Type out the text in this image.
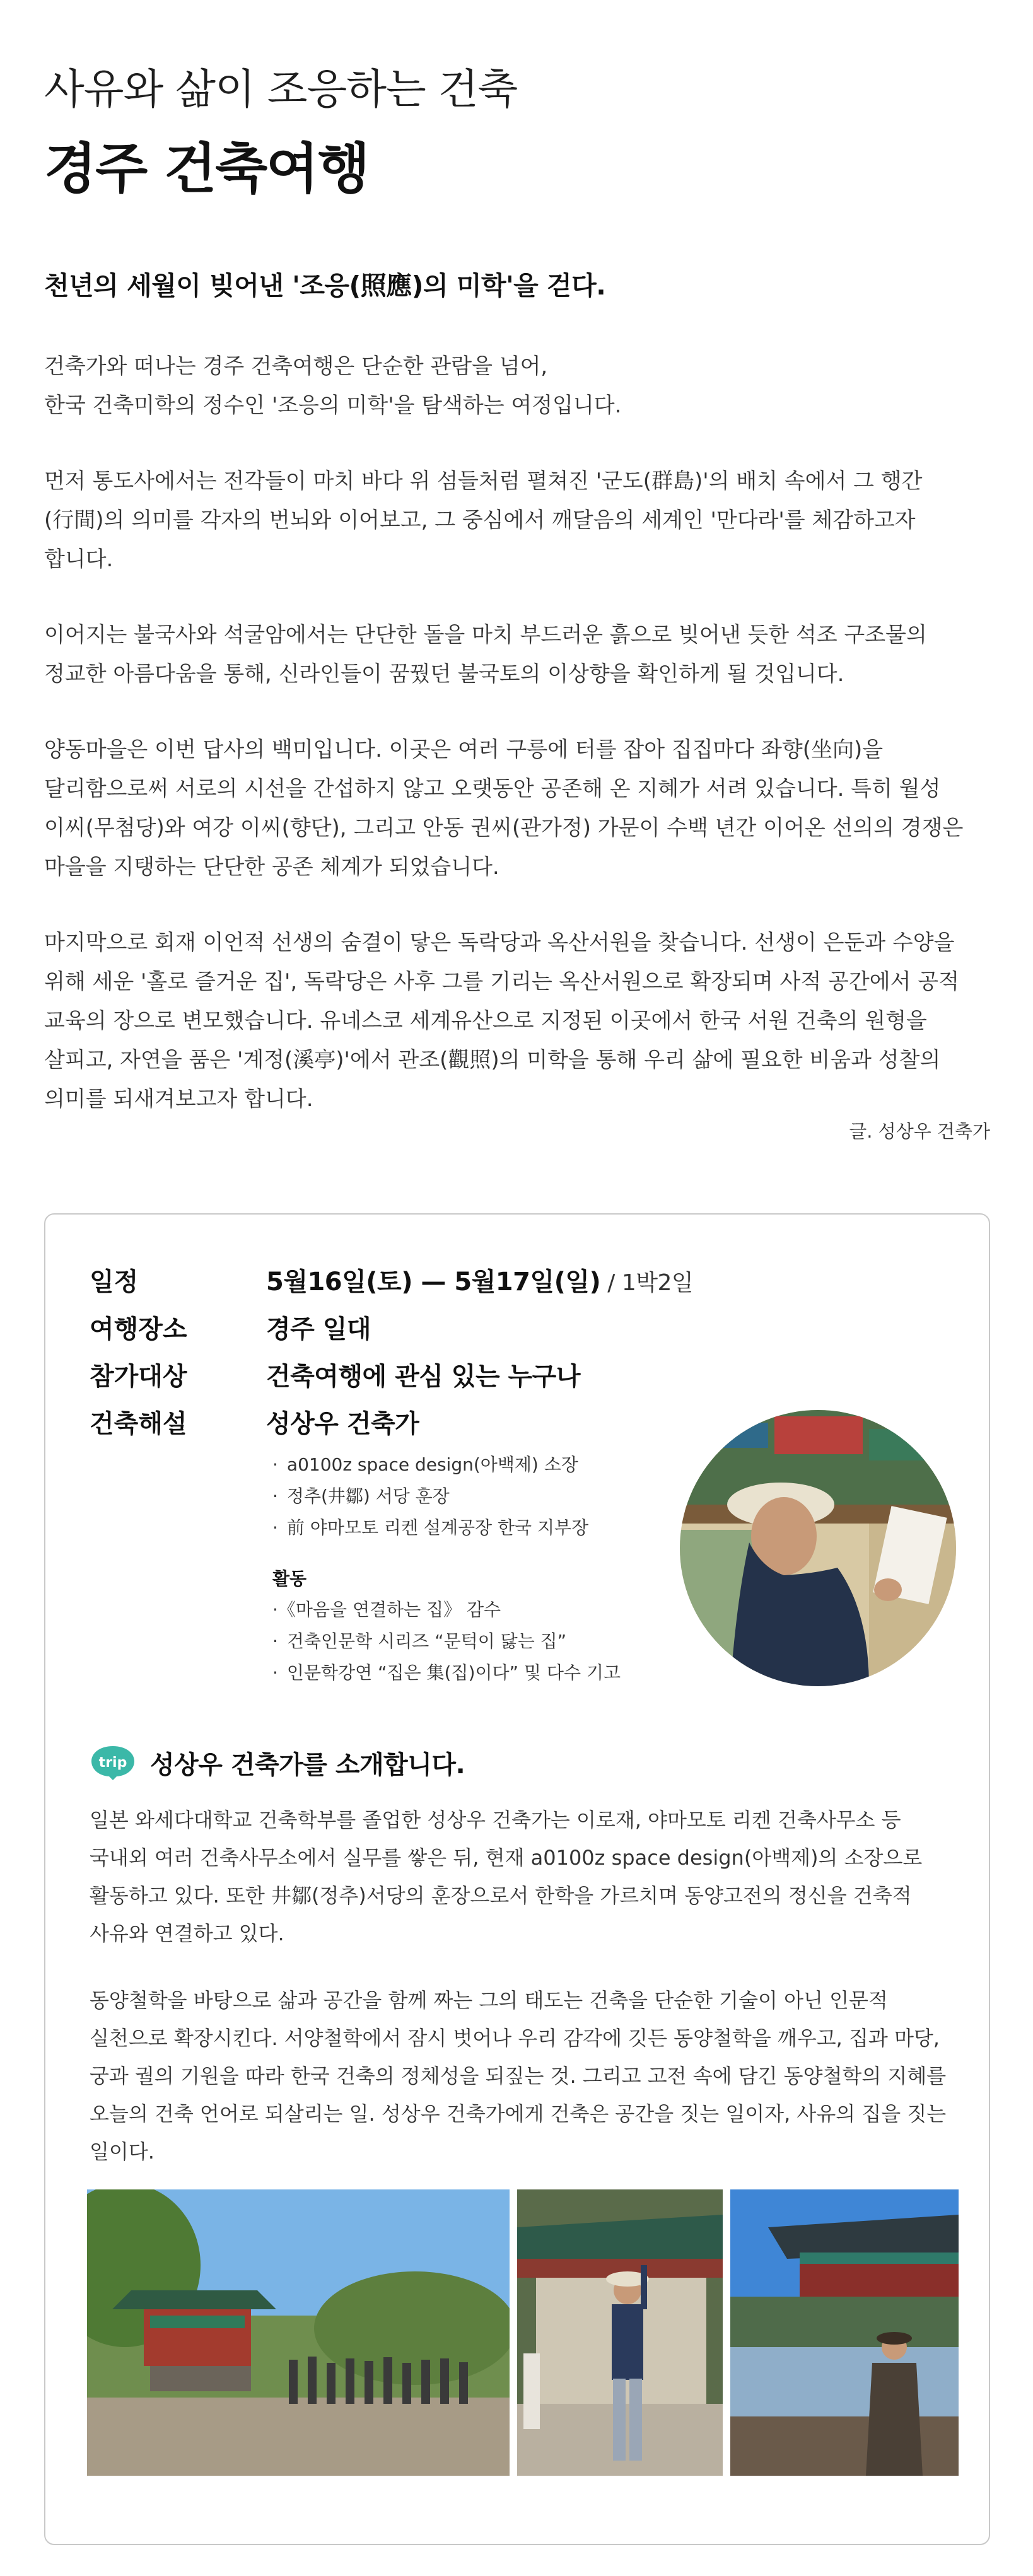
사유와 삶이 조응하는 건축
경주 건축여행
천년의 세월이 빚어낸 '조응(照應)의 미학'을 걷다.

건축가와 떠나는 경주 건축여행은 단순한 관람을 넘어,
한국 건축미학의 정수인 '조응의 미학'을 탐색하는 여정입니다.

먼저 통도사에서는 전각들이 마치 바다 위 섬들처럼 펼쳐진 '군도(群島)'의 배치 속에서 그 행간
(行間)의 의미를 각자의 번뇌와 이어보고, 그 중심에서 깨달음의 세계인 '만다라'를 체감하고자
합니다.

이어지는 불국사와 석굴암에서는 단단한 돌을 마치 부드러운 흙으로 빚어낸 듯한 석조 구조물의
정교한 아름다움을 통해, 신라인들이 꿈꿨던 불국토의 이상향을 확인하게 될 것입니다.

양동마을은 이번 답사의 백미입니다. 이곳은 여러 구릉에 터를 잡아 집집마다 좌향(坐向)을
달리함으로써 서로의 시선을 간섭하지 않고 오랫동안 공존해 온 지혜가 서려 있습니다. 특히 월성
이씨(무첨당)와 여강 이씨(향단), 그리고 안동 권씨(관가정) 가문이 수백 년간 이어온 선의의 경쟁은
마을을 지탱하는 단단한 공존 체계가 되었습니다.

마지막으로 회재 이언적 선생의 숨결이 닿은 독락당과 옥산서원을 찾습니다. 선생이 은둔과 수양을
위해 세운 '홀로 즐거운 집', 독락당은 사후 그를 기리는 옥산서원으로 확장되며 사적 공간에서 공적
교육의 장으로 변모했습니다. 유네스코 세계유산으로 지정된 이곳에서 한국 서원 건축의 원형을
살피고, 자연을 품은 '계정(溪亭)'에서 관조(觀照)의 미학을 통해 우리 삶에 필요한 비움과 성찰의
의미를 되새겨보고자 합니다.

글. 성상우 건축가
일정	5월16일(토) — 5월17일(일) / 1박2일
여행장소	경주 일대
참가대상	건축여행에 관심 있는 누구나
건축해설	성상우 건축가
· a0100z space design(아백제) 소장
· 정추(井鄒) 서당 훈장
· 前 야마모토 리켄 설계공장 한국 지부장
활동
· 《마음을 연결하는 집》 감수
· 건축인문학 시리즈 “문턱이 닳는 집”
· 인문학강연 “집은 集(집)이다” 및 다수 기고
trip 성상우 건축가를 소개합니다.

일본 와세다대학교 건축학부를 졸업한 성상우 건축가는 이로재, 야마모토 리켄 건축사무소 등
국내외 여러 건축사무소에서 실무를 쌓은 뒤, 현재 a0100z space design(아백제)의 소장으로
활동하고 있다. 또한 井鄒(정추)서당의 훈장으로서 한학을 가르치며 동양고전의 정신을 건축적
사유와 연결하고 있다.

동양철학을 바탕으로 삶과 공간을 함께 짜는 그의 태도는 건축을 단순한 기술이 아닌 인문적
실천으로 확장시킨다. 서양철학에서 잠시 벗어나 우리 감각에 깃든 동양철학을 깨우고, 집과 마당,
궁과 궐의 기원을 따라 한국 건축의 정체성을 되짚는 것. 그리고 고전 속에 담긴 동양철학의 지혜를
오늘의 건축 언어로 되살리는 일. 성상우 건축가에게 건축은 공간을 짓는 일이자, 사유의 집을 짓는
일이다.
